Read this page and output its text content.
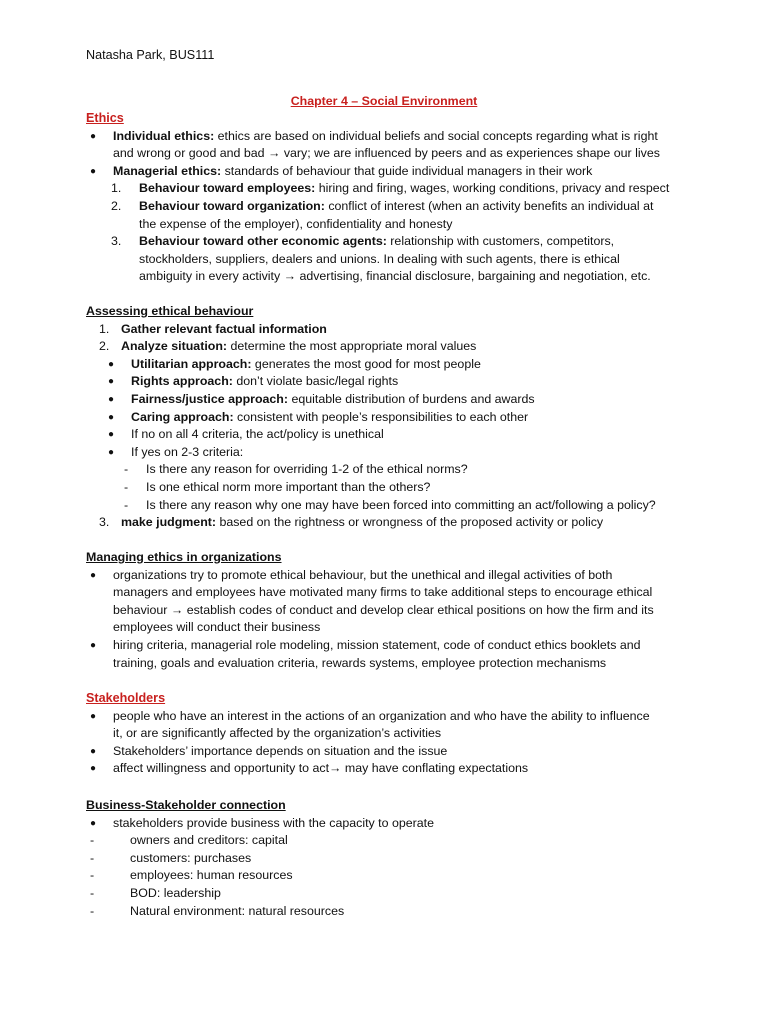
Natasha Park, BUS111
Chapter 4 – Social Environment
Ethics
● Individual ethics: ethics are based on individual beliefs and social concepts regarding what is right
and wrong or good and bad → vary; we are influenced by peers and as experiences shape our lives
● Managerial ethics: standards of behaviour that guide individual managers in their work
1. Behaviour toward employees: hiring and firing, wages, working conditions, privacy and respect
2. Behaviour toward organization: conflict of interest (when an activity benefits an individual at
the expense of the employer), confidentiality and honesty
3. Behaviour toward other economic agents: relationship with customers, competitors,
stockholders, suppliers, dealers and unions. In dealing with such agents, there is ethical
ambiguity in every activity → advertising, financial disclosure, bargaining and negotiation, etc.
Assessing ethical behaviour
1. Gather relevant factual information
2. Analyze situation: determine the most appropriate moral values
● Utilitarian approach: generates the most good for most people
● Rights approach: don’t violate basic/legal rights
● Fairness/justice approach: equitable distribution of burdens and awards
● Caring approach: consistent with people’s responsibilities to each other
● If no on all 4 criteria, the act/policy is unethical
● If yes on 2-3 criteria:
- Is there any reason for overriding 1-2 of the ethical norms?
- Is one ethical norm more important than the others?
- Is there any reason why one may have been forced into committing an act/following a policy?
3. make judgment: based on the rightness or wrongness of the proposed activity or policy
Managing ethics in organizations
● organizations try to promote ethical behaviour, but the unethical and illegal activities of both
managers and employees have motivated many firms to take additional steps to encourage ethical
behaviour → establish codes of conduct and develop clear ethical positions on how the firm and its
employees will conduct their business
● hiring criteria, managerial role modeling, mission statement, code of conduct ethics booklets and
training, goals and evaluation criteria, rewards systems, employee protection mechanisms
Stakeholders
● people who have an interest in the actions of an organization and who have the ability to influence
it, or are significantly affected by the organization’s activities
● Stakeholders’ importance depends on situation and the issue
● affect willingness and opportunity to act→ may have conflating expectations
Business-Stakeholder connection
● stakeholders provide business with the capacity to operate
-	owners and creditors: capital
-	customers: purchases
-	employees: human resources
-	BOD: leadership
-	Natural environment: natural resources
